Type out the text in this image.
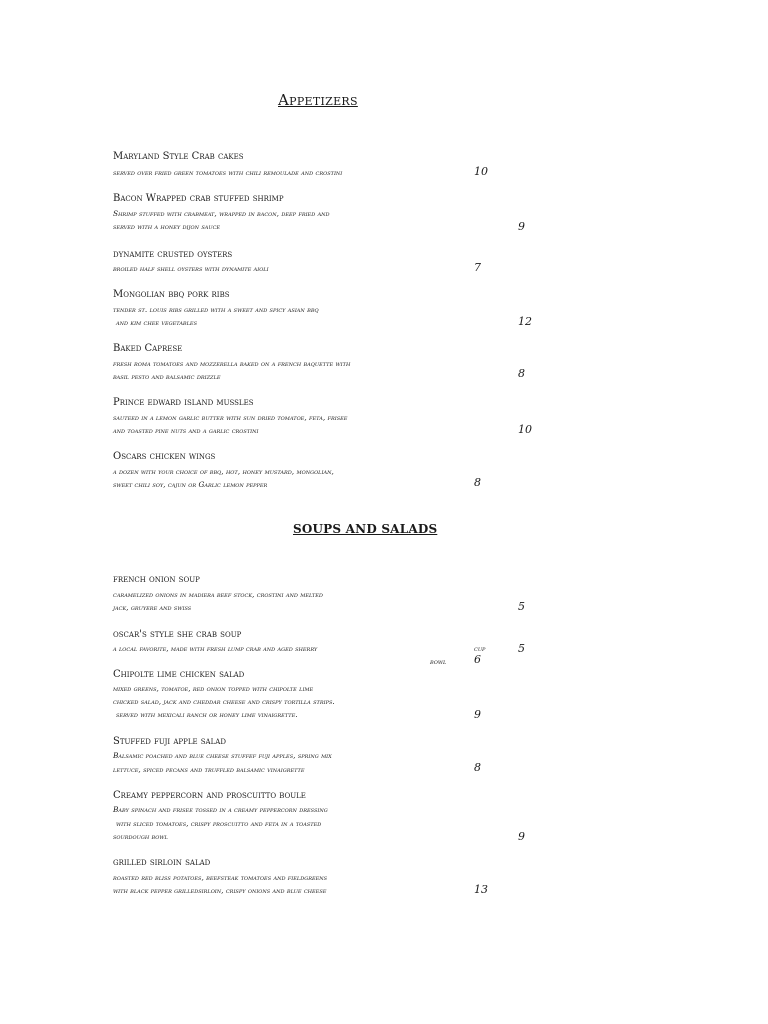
Appetizers
Maryland Style Crab cakes
served over fried green tomatoes with chili remoulade and crostini	10
Bacon Wrapped crab stuffed shrimp
Shrimp stuffed with crabmeat, wrapped in bacon, deep fried and
served with a honey dijon sauce	9
dynamite crusted oysters
broiled half shell oysters with dynamite aioli	7
Mongolian bbq pork ribs
tender st. louis ribs grilled with a sweet and spicy asian bbq
and kim chee vegetables	12
Baked Caprese
fresh roma tomatoes and mozzerella baked on a french baquette with
basil pesto and balsamic drizzle	8
Prince edward island mussles
sauteed in a lemon garlic butter with sun dried tomatoe, feta, frisee
and toasted pine nuts and a garlic crostini	10
Oscars chicken wings
a dozen with your choice of bbq, hot, honey mustard, mongolian,
sweet chili soy, cajun or Garlic lemon pepper	8
SOUPS AND SALADS
french onion soup
caramelized onions in madiera beef stock, crostini and melted
jack, gruyere and swiss	5
oscar's style she crab soup
a local favorite, made with fresh lump crab and aged sherry	cup	5
bowl	6
Chipolte lime chicken salad
mixed greens, tomatoe, red onion topped with chipolte lime
chicked salad, jack and cheddar cheese and crispy tortilla strips.
served with mexicali ranch or honey lime vinaigrette.	9
Stuffed fuji apple salad
Balsamic poached and blue cheese stuffef fuji apples, spring mix
lettuce, spiced pecans and truffled balsamic vinaigrette	8
Creamy peppercorn and proscuitto boule
Baby spinach and frisee tossed in a creamy peppercorn dressing
with sliced tomatoes, crispy proscuitto and feta in a toasted
sourdough bowl	9
grilled sirloin salad
roasted red bliss potatoes, beefsteak tomatoes and fieldgreens
with black pepper grilledsirloin, crispy onions and blue cheese	13
